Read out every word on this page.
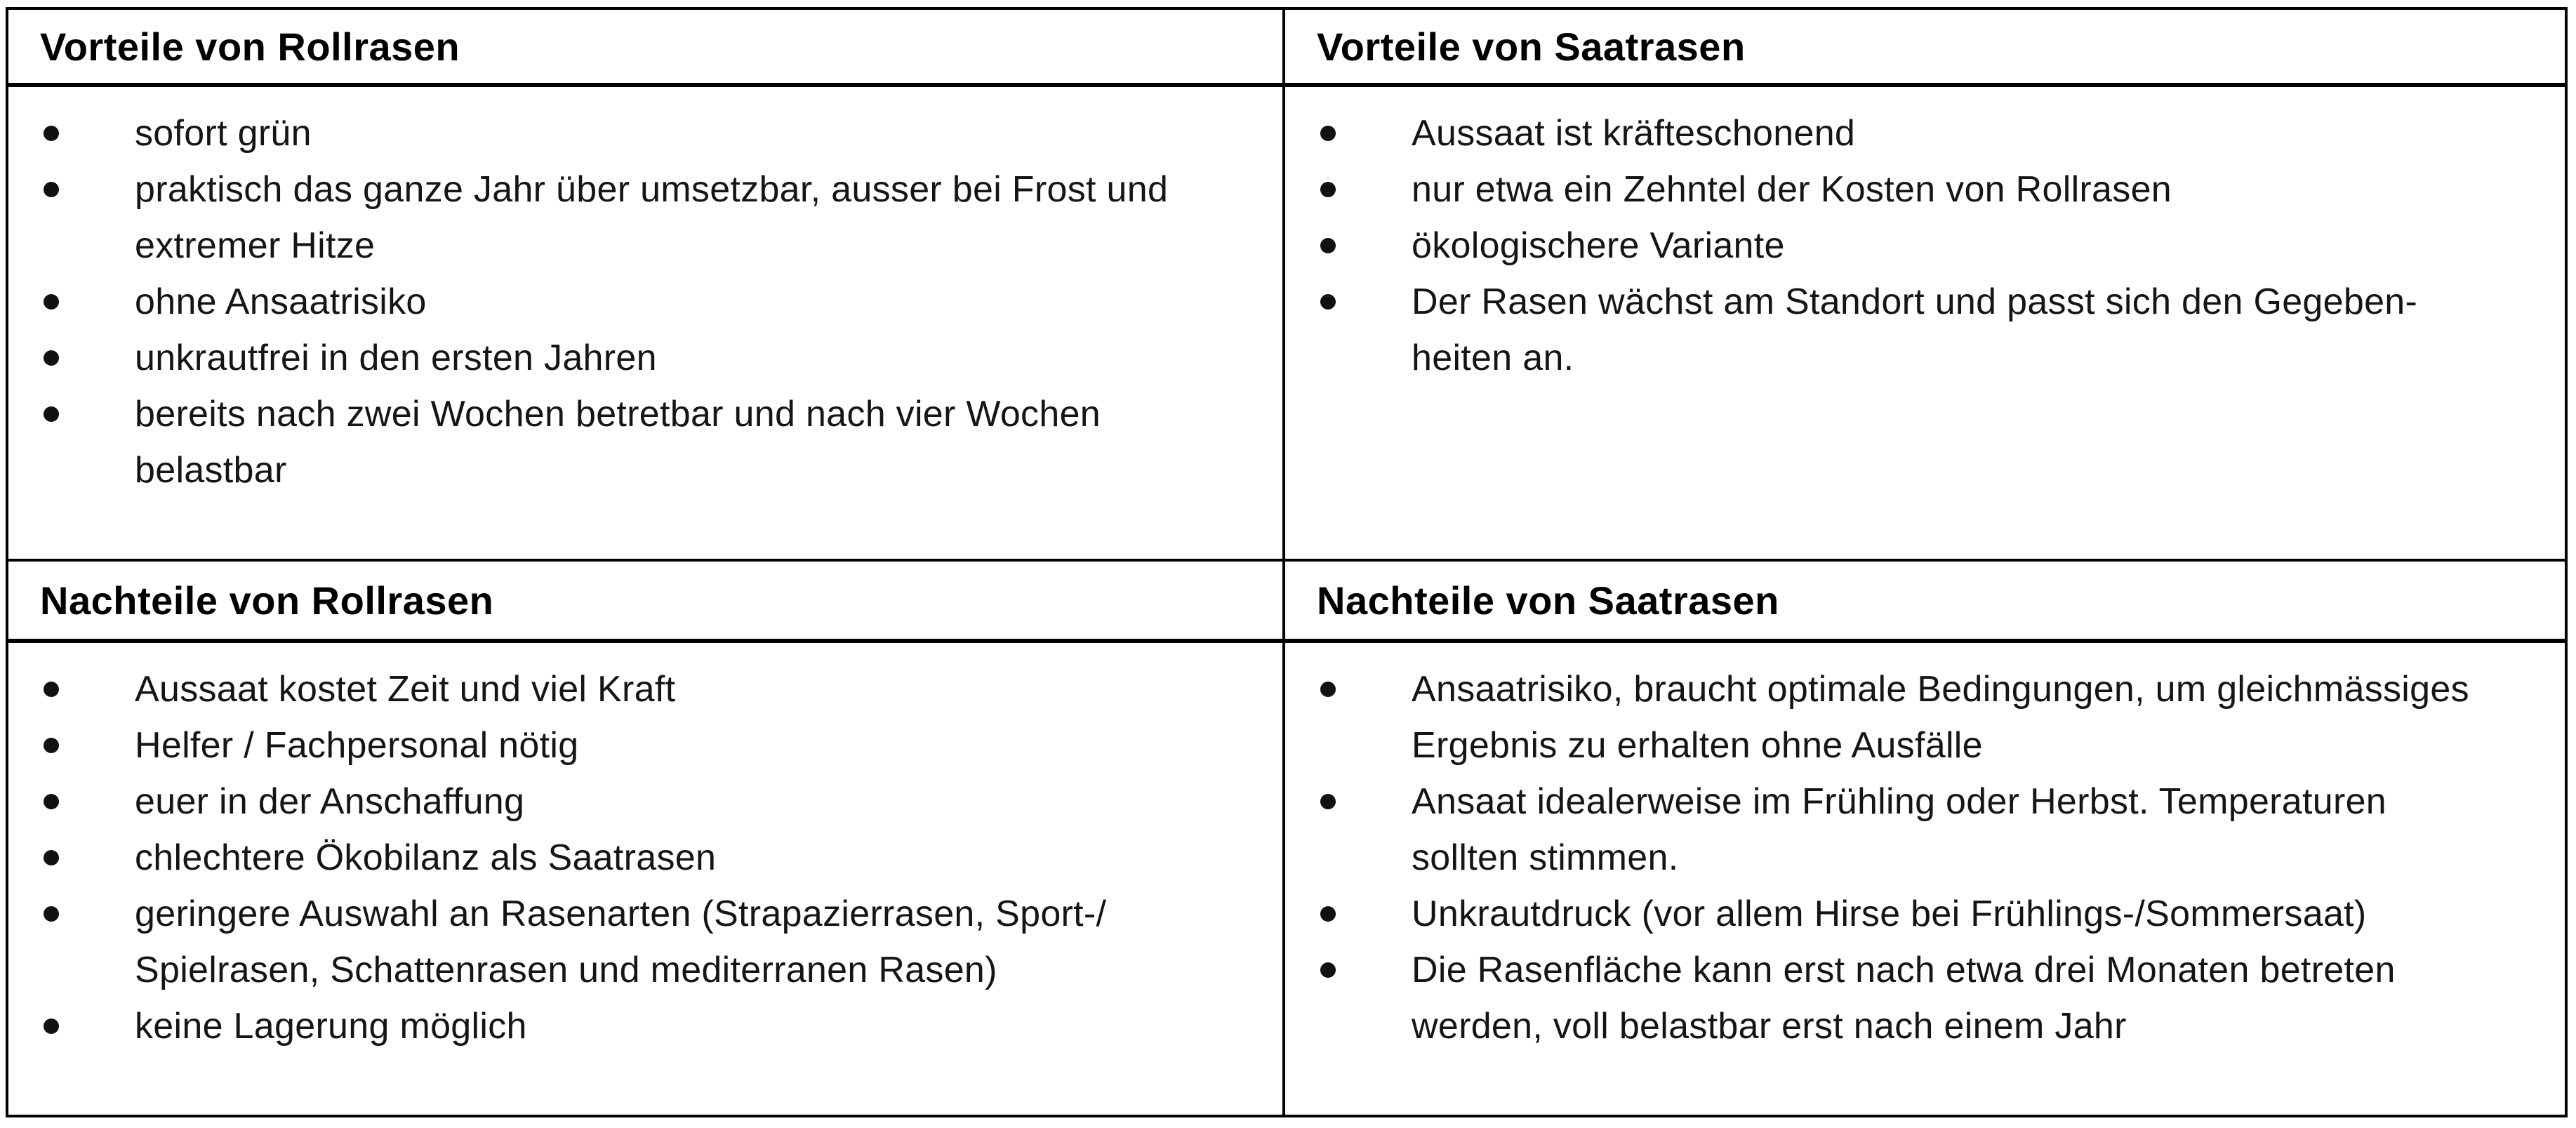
Vorteile von Rollrasen	Vorteile von Saatrasen
sofort grün
praktisch das ganze Jahr über umsetzbar, ausser bei Frost und
extremer Hitze
ohne Ansaatrisiko
unkrautfrei in den ersten Jahren
bereits nach zwei Wochen betretbar und nach vier Wochen
belastbar
Aussaat ist kräfteschonend
nur etwa ein Zehntel der Kosten von Rollrasen
ökologischere Variante
Der Rasen wächst am Standort und passt sich den Gegeben-
heiten an.
Nachteile von Rollrasen	Nachteile von Saatrasen
Aussaat kostet Zeit und viel Kraft
Helfer / Fachpersonal nötig
euer in der Anschaffung
chlechtere Ökobilanz als Saatrasen
geringere Auswahl an Rasenarten (Strapazierrasen, Sport-/
Spielrasen, Schattenrasen und mediterranen Rasen)
keine Lagerung möglich
Ansaatrisiko, braucht optimale Bedingungen, um gleichmässiges
Ergebnis zu erhalten ohne Ausfälle
Ansaat idealerweise im Frühling oder Herbst. Temperaturen
sollten stimmen.
Unkrautdruck (vor allem Hirse bei Frühlings-/Sommersaat)
Die Rasenfläche kann erst nach etwa drei Monaten betreten
werden, voll belastbar erst nach einem Jahr
